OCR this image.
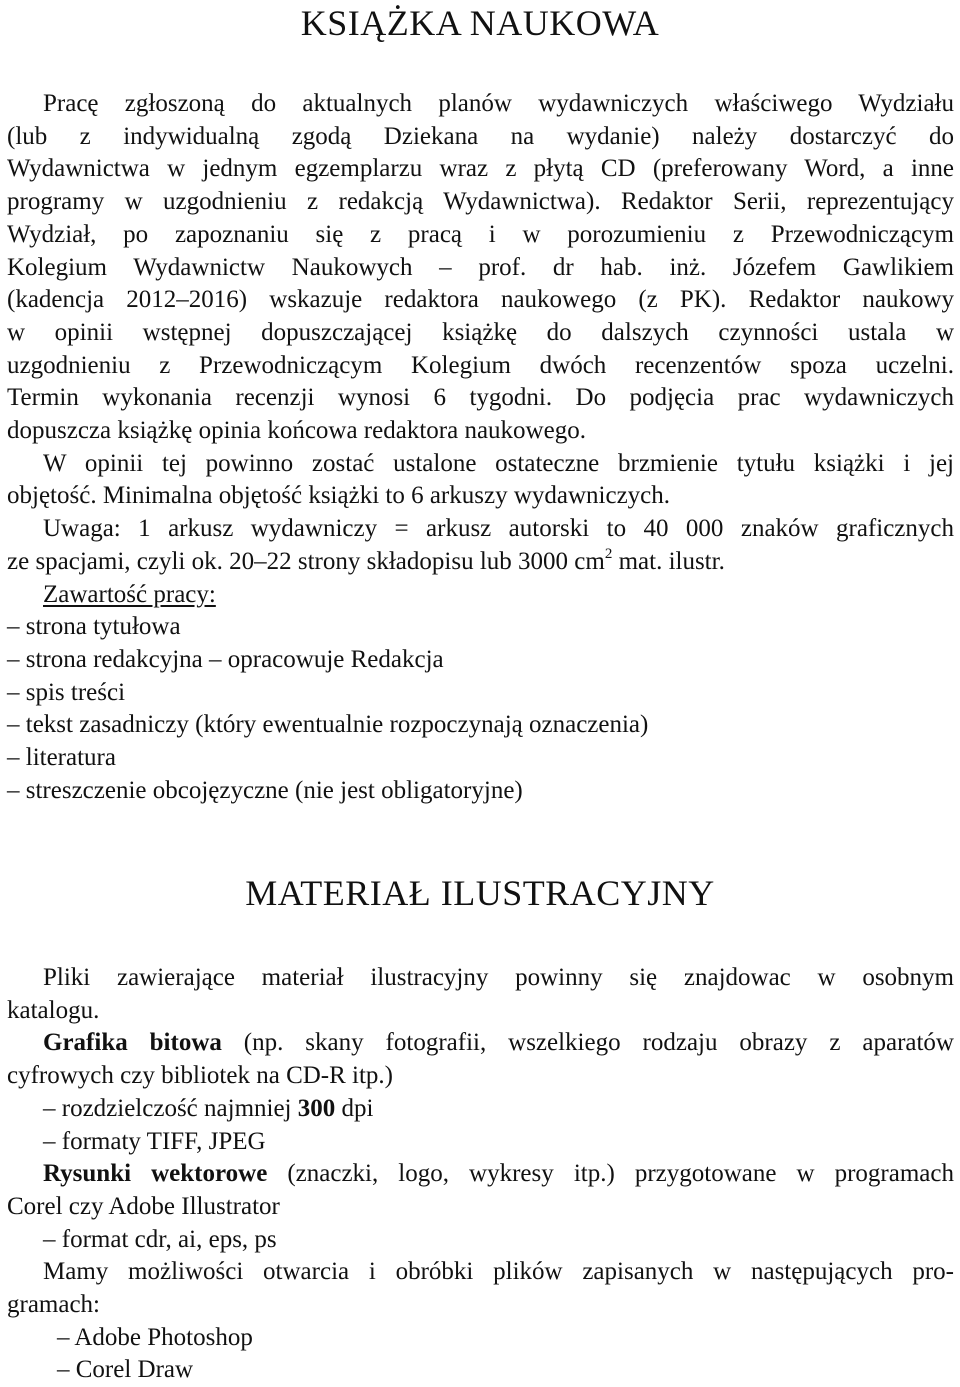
KSIĄŻKA NAUKOWA

Pracę zgłoszoną do aktualnych planów wydawniczych właściwego Wydziału

(lub z indywidualną zgodą Dziekana na wydanie) należy dostarczyć do

Wydawnictwa w jednym egzemplarzu wraz z płytą CD (preferowany Word, a inne

programy w uzgodnieniu z redakcją Wydawnictwa). Redaktor Serii, reprezentujący

Wydział, po zapoznaniu się z pracą i w porozumieniu z Przewodniczącym

Kolegium Wydawnictw Naukowych – prof. dr hab. inż. Józefem Gawlikiem

(kadencja 2012–2016) wskazuje redaktora naukowego (z PK). Redaktor naukowy

w opinii wstępnej dopuszczającej książkę do dalszych czynności ustala w

uzgodnieniu z Przewodniczącym Kolegium dwóch recenzentów spoza uczelni.

Termin wykonania recenzji wynosi 6 tygodni. Do podjęcia prac wydawniczych

dopuszcza książkę opinia końcowa redaktora naukowego.

W opinii tej powinno zostać ustalone ostateczne brzmienie tytułu książki i jej

objętość. Minimalna objętość książki to 6 arkuszy wydawniczych.

Uwaga: 1 arkusz wydawniczy = arkusz autorski to 40 000 znaków graficznych

ze spacjami, czyli ok. 20–22 strony składopisu lub 3000 $cm^2$ mat. ilustr.

Zawartość pracy:

– strona tytułowa

– strona redakcyjna – opracowuje Redakcja

– spis treści

– tekst zasadniczy (który ewentualnie rozpoczynają oznaczenia)

– literatura

– streszczenie obcojęzyczne (nie jest obligatoryjne)

MATERIAŁ ILUSTRACYJNY

Pliki zawierające materiał ilustracyjny powinny się znajdowac w osobnym

katalogu.

Grafika bitowa (np. skany fotografii, wszelkiego rodzaju obrazy z aparatów

cyfrowych czy bibliotek na CD-R itp.)

– rozdzielczość najmniej 300 dpi

– formaty TIFF, JPEG

Rysunki wektorowe (znaczki, logo, wykresy itp.) przygotowane w programach

Corel czy Adobe Illustrator

– format cdr, ai, eps, ps

Mamy możliwości otwarcia i obróbki plików zapisanych w następujących pro-

gramach:

– Adobe Photoshop

– Corel Draw
